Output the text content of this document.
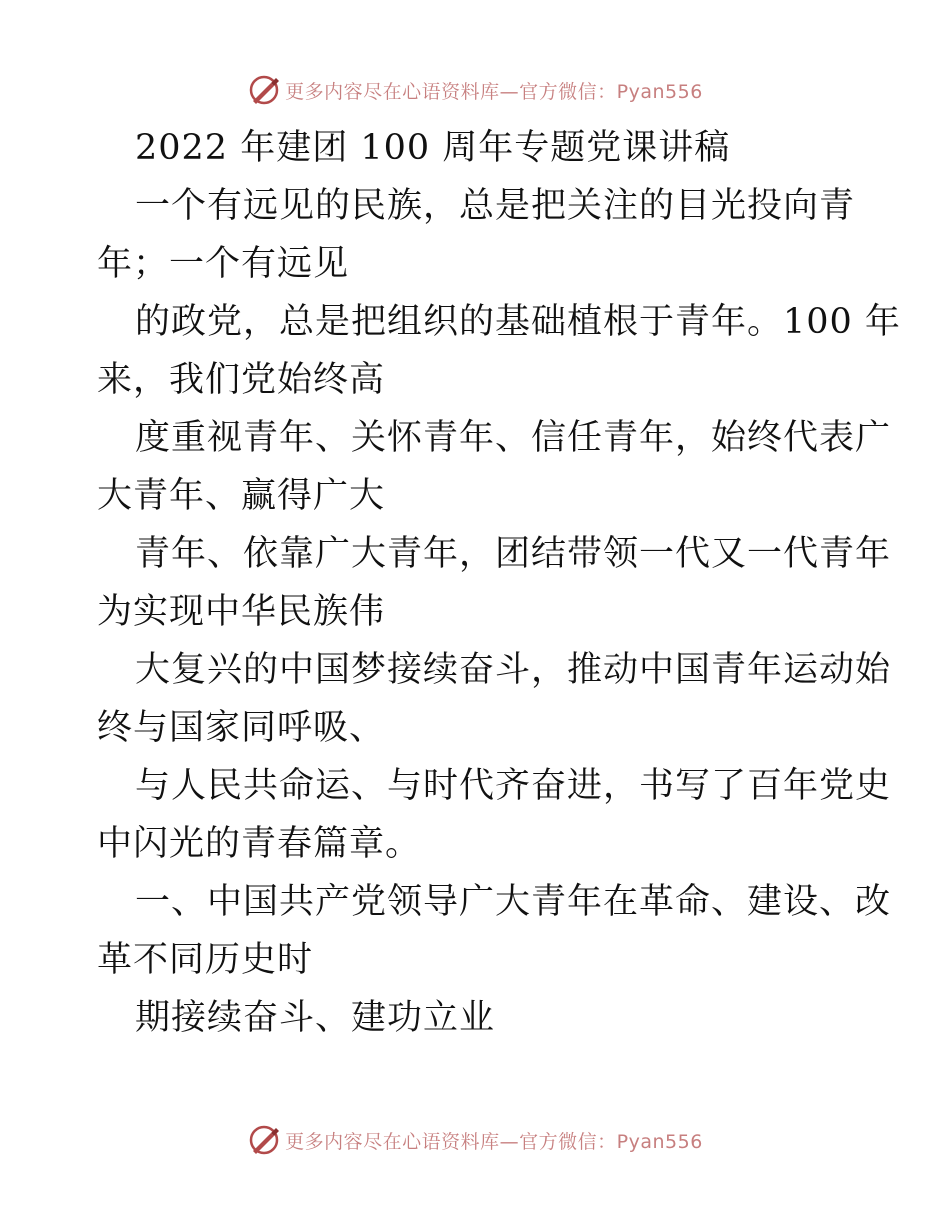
更多内容尽在心语资料库—官方微信：Pyan556
2022 年建团 100 周年专题党课讲稿
一个有远见的民族，总是把关注的目光投向青
年；一个有远见
的政党，总是把组织的基础植根于青年。100 年
来，我们党始终高
度重视青年、关怀青年、信任青年，始终代表广
大青年、赢得广大
青年、依靠广大青年，团结带领一代又一代青年
为实现中华民族伟
大复兴的中国梦接续奋斗，推动中国青年运动始
终与国家同呼吸、
与人民共命运、与时代齐奋进，书写了百年党史
中闪光的青春篇章。
一、中国共产党领导广大青年在革命、建设、改
革不同历史时
期接续奋斗、建功立业
更多内容尽在心语资料库—官方微信：Pyan556
